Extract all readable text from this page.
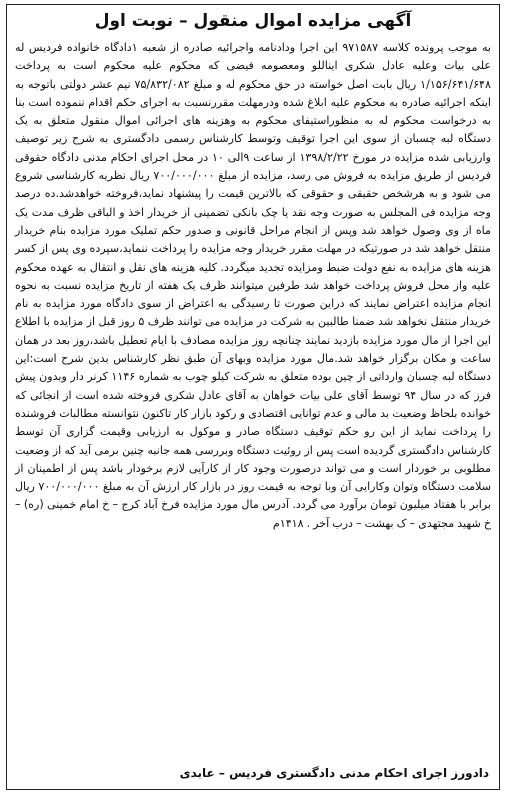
آگهی مزایده اموال منقول – نوبت اول

به موجب پرونده کلاسه ۹۷۱۵۸۷ این اجرا ودادنامه واجرائیه صادره از شعبه ۱دادگاه خانواده فردیس له علی بیات وعلیه عادل شکری ایناللو ومعصومه فیضی که محکوم علیه محکوم است به پرداخت ۱/۱۵۶/۶۴۱/۶۴۸ ریال بابت اصل خواسته در حق محکوم له و مبلغ ۷۵/۸۳۲/۰۸۲ نیم عشر دولتی باتوجه به اینکه اجرائیه صادره به محکوم علیه ابلاغ شده ودرمهلت مقررنسبت به اجرای حکم اقدام ننموده است بنا به درخواست محکوم له به منظوراستیفای محکوم به وهزینه های اجرائی اموال منقول متعلق به یک دستگاه لبه چسبان از سوی این اجرا توقیف وتوسط کارشناس رسمی دادگستری به شرح زیر توصیف وارزیابی شده مزایده در مورخ ۱۳۹۸/۲/۲۲ از ساعت ۹الی ۱۰ در محل اجرای احکام مدنی دادگاه حقوقی فردیس از طریق مزایده به فروش می رسد، مزایده از مبلغ ۷۰۰/۰۰۰/۰۰۰ ریال نظریه کارشناسی شروع می شود و به هرشخص حقیقی و حقوقی که بالاترین قیمت را پیشنهاد نماید،فروخته خواهدشد.ده درصد وجه مزایده فی المجلس به صورت وجه نقد یا چک بانکی تضمینی از خریدار اخذ و الباقی ظرف مدت یک ماه از وی وصول خواهد شد وپس از انجام مراحل قانونی و صدور حکم تملیک مورد مزایده بنام خریدار منتقل خواهد شد در صورتیکه در مهلت مقرر خریدار وجه مزایده را پرداخت ننماید،سپرده وی پس از کسر هزینه های مزایده به نفع دولت ضبط ومزایده تجدید میگردد. کلیه هزینه های نقل و انتقال به عهده محکوم علیه واز محل فروش پرداخت خواهد شد طرفین میتوانند ظرف یک هفته از تاریخ مزایده نسبت به نحوه انجام مزایده اعتراض نمایند که دراین صورت تا رسیدگی به اعتراض از سوی دادگاه مورد مزایده به نام خریدار منتقل نخواهد شد ضمنا طالبین به شرکت در مزایده می توانند ظرف ۵ روز قبل از مزایده با اطلاع این اجرا از مال مورد مزایده بازدید نمایند چنانچه روز مزایده مصادف با ایام تعطیل باشد،روز بعد در همان ساعت و مکان برگزار خواهد شد.مال مورد مزایده وبهای آن طبق نظر کارشناس بدین شرح است:این دستگاه لبه چسبان وارداتی از چین بوده متعلق به شرکت کیلو چوب به شماره ۱۱۴۶ کرنر دار وبدون پیش فرز که در سال ۹۴ توسط آقای علی بیات خواهان به آقای عادل شکری فروخته شده است از انجائی که خوانده بلحاظ وضعیت بد مالی و عدم توانایی اقتصادی و رکود بازار کار تاکنون نتوانسته مطالبات فروشنده را پرداخت نماید از این رو حکم توقیف دستگاه صادر و موکول به ارزیابی وقیمت گزاری آن توسط کارشناس دادگستری گردیده است پس از روئیت دستگاه وبررسی همه جانبه چنین برمی آید که از وضعیت مطلوبی بر خوردار است و می تواند درصورت وجود کار از کارآیی لازم برخودار باشد پس از اطمینان از سلامت دستگاه وتوان وکارایی آن وبا توجه به قیمت روز در بازار کار ارزش آن به مبلغ ۷۰۰/۰۰۰/۰۰۰ ریال برابر با هفتاد میلیون تومان برآورد می گردد. آدرس مال مورد مزایده فرخ آباد کرج – خ امام خمینی (ره) – خ شهید مجتهدی – ک بهشت – درب آخر . ۱۴۱۸م

دادورز اجرای احکام مدنی دادگستری فردیس – عابدی
